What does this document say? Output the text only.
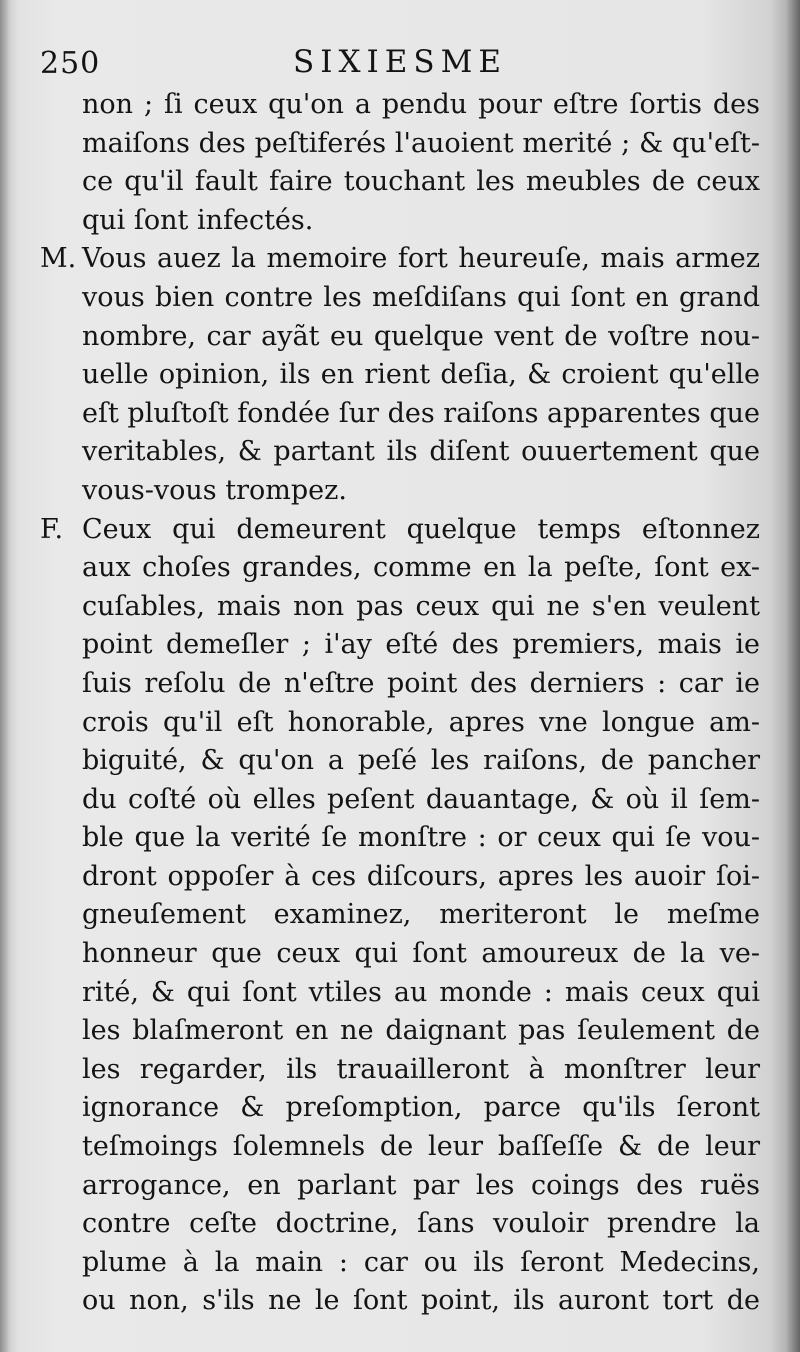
250	SIXIESME
non ; ſi ceux qu'on a pendu pour eſtre ſortis des
maiſons des peſtiferés l'auoient merité ; & qu'eſt-
ce qu'il fault faire touchant les meubles de ceux
qui ſont infectés.
M. Vous auez la memoire fort heureuſe, mais armez
vous bien contre les meſdiſans qui ſont en grand
nombre, car ayãt eu quelque vent de voſtre nou-
uelle opinion, ils en rient deſia, & croient qu'elle
eſt pluſtoſt fondée ſur des raiſons apparentes que
veritables, & partant ils diſent ouuertement que
vous-vous trompez.
F. Ceux qui demeurent quelque temps eſtonnez
aux choſes grandes, comme en la peſte, ſont ex-
cuſables, mais non pas ceux qui ne s'en veulent
point demeſler ; i'ay eſté des premiers, mais ie
ſuis reſolu de n'eſtre point des derniers : car ie
crois qu'il eſt honorable, apres vne longue am-
biguité, & qu'on a peſé les raiſons, de pancher
du coſté où elles peſent dauantage, & où il ſem-
ble que la verité ſe monſtre : or ceux qui ſe vou-
dront oppoſer à ces diſcours, apres les auoir ſoi-
gneuſement examinez, meriteront le meſme
honneur que ceux qui ſont amoureux de la ve-
rité, & qui ſont vtiles au monde : mais ceux qui
les blaſmeront en ne daignant pas ſeulement de
les regarder, ils trauailleront à monſtrer leur
ignorance & preſomption, parce qu'ils ſeront
teſmoings ſolemnels de leur baſſeſſe & de leur
arrogance, en parlant par les coings des ruës
contre ceſte doctrine, ſans vouloir prendre la
plume à la main : car ou ils ſeront Medecins,
ou non, s'ils ne le ſont point, ils auront tort de
